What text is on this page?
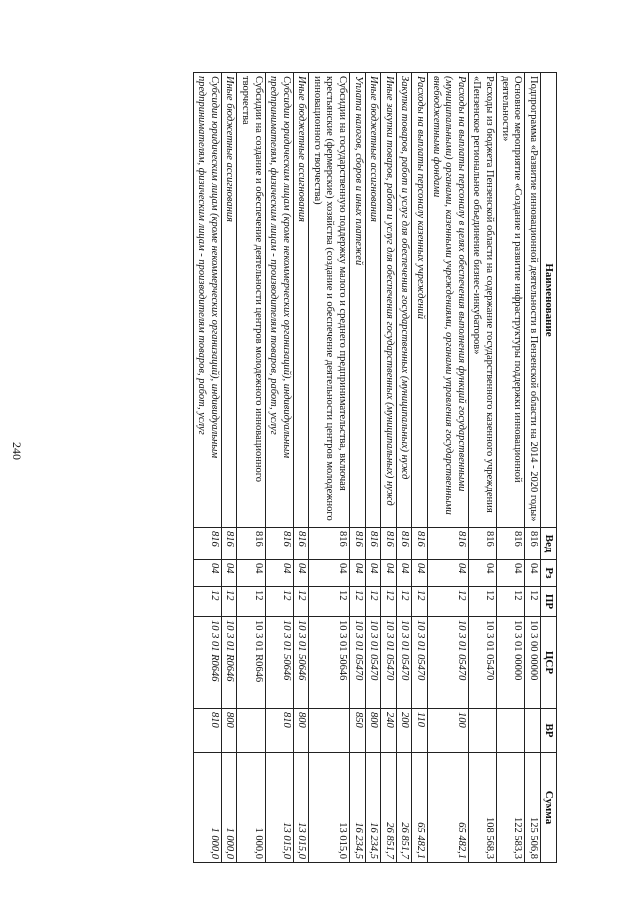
240
Наименование	Вед	Рз	ПР	ЦСР	ВР	Сумма
Подпрограмма «Развитие инновационной деятельности в Пензенской области на 2014 - 2020 годы»	816	04	12	10 3 00 00000		125 506,8
Основное мероприятие «Создание и развитие инфраструктуры поддержки инновационной деятельности»	816	04	12	10 3 01 00000		122 583,3
Расходы из бюджета Пензенской области на содержание государственного казенного учреждения «Пензенское региональное объединение бизнес-инкубаторов»	816	04	12	10 3 01 05470		108 568,3
Расходы на выплаты персоналу в целях обеспечения выполнения функций государственными (муниципальными) органами, казенными учреждениями, органами управления государственными внебюджетными фондами	816	04	12	10 3 01 05470	100	65 482,1
Расходы на выплаты персоналу казенных учреждений	816	04	12	10 3 01 05470	110	65 482,1
Закупка товаров, работ и услуг для обеспечения государственных (муниципальных) нужд	816	04	12	10 3 01 05470	200	26 851,7
Иные закупки товаров, работ и услуг для обеспечения государственных (муниципальных) нужд	816	04	12	10 3 01 05470	240	26 851,7
Иные бюджетные ассигнования	816	04	12	10 3 01 05470	800	16 234,5
Уплата налогов, сборов и иных платежей	816	04	12	10 3 01 05470	850	16 234,5
Субсидии на государственную поддержку малого и среднего предпринимательства, включая крестьянские (фермерские) хозяйства (создание и обеспечение деятельности центров молодежного инновационного творчества)	816	04	12	10 3 01 50646		13 015,0
Иные бюджетные ассигнования	816	04	12	10 3 01 50646	800	13 015,0
Субсидии юридическим лицам (кроме некоммерческих организаций), индивидуальным предпринимателям, физическим лицам - производителям товаров, работ, услуг	816	04	12	10 3 01 50646	810	13 015,0
Субсидии на создание и обеспечение деятельности центров молодежного инновационного творчества	816	04	12	10 3 01 R0646		1 000,0
Иные бюджетные ассигнования	816	04	12	10 3 01 R0646	800	1 000,0
Субсидии юридическим лицам (кроме некоммерческих организаций), индивидуальным предпринимателям, физическим лицам - производителям товаров, работ, услуг	816	04	12	10 3 01 R0646	810	1 000,0
